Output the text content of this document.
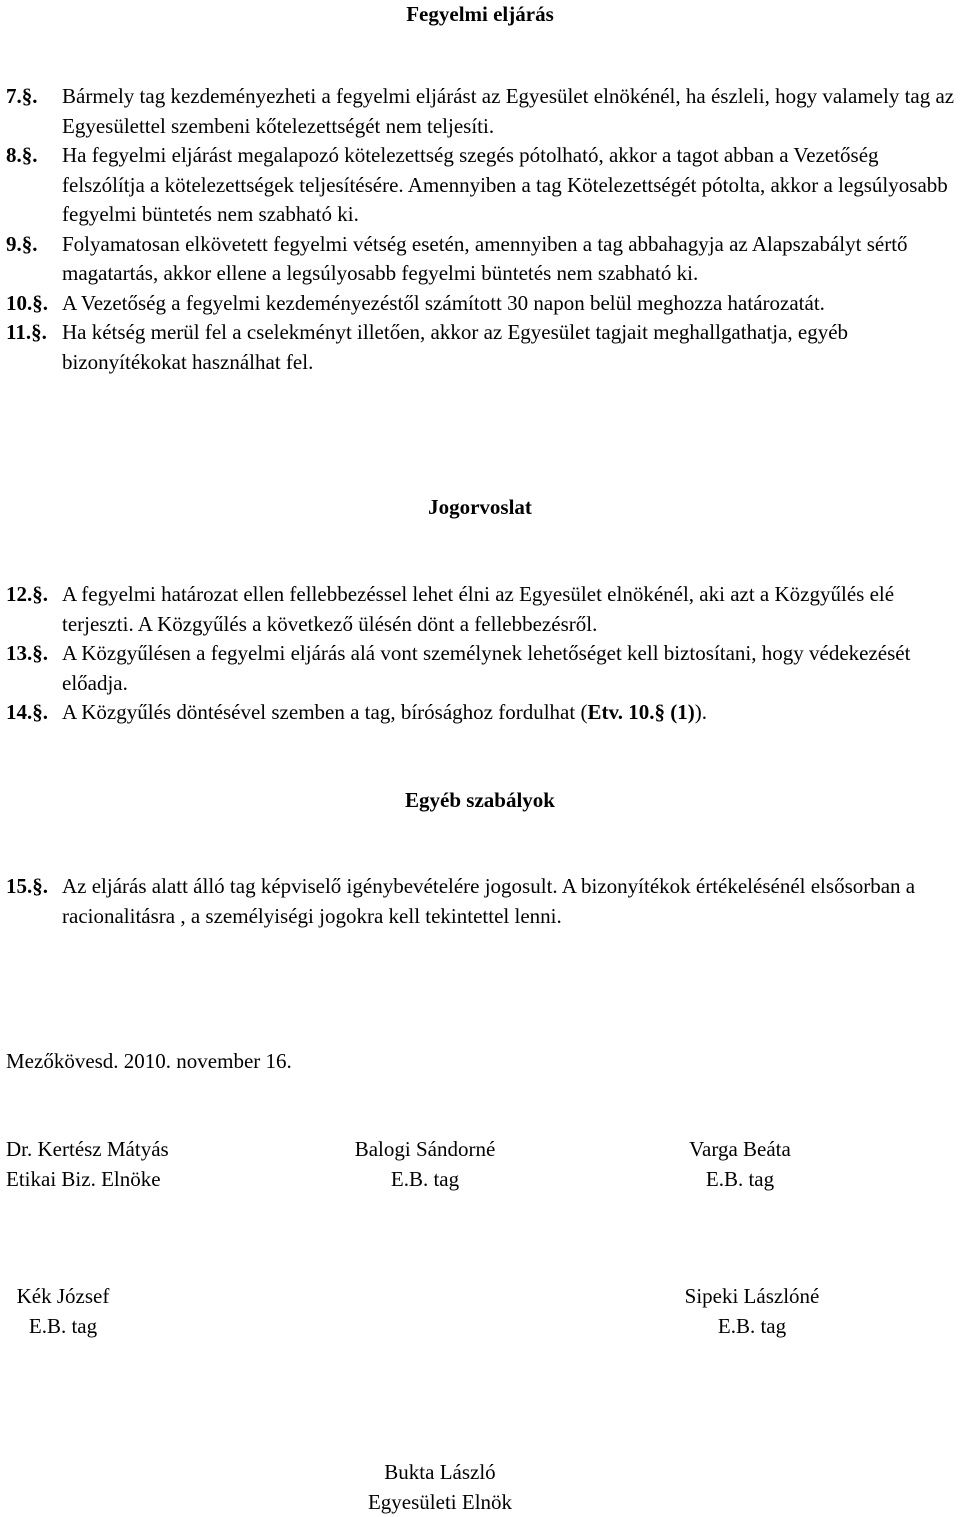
Fegyelmi eljárás
7.§. Bármely tag kezdeményezheti a fegyelmi eljárást az Egyesület elnökénél, ha észleli, hogy valamely tag az Egyesülettel szembeni kőtelezettségét nem teljesíti.
8.§. Ha fegyelmi eljárást megalapozó kötelezettség szegés pótolható, akkor a tagot abban a Vezetőség felszólítja a kötelezettségek teljesítésére. Amennyiben a tag Kötelezettségét pótolta, akkor a legsúlyosabb fegyelmi büntetés nem szabható ki.
9.§. Folyamatosan elkövetett fegyelmi vétség esetén, amennyiben a tag abbahagyja az Alapszabályt sértő magatartás, akkor ellene a legsúlyosabb fegyelmi büntetés nem szabható ki.
10.§. A Vezetőség a fegyelmi kezdeményezéstől számított 30 napon belül meghozza határozatát.
11.§. Ha kétség merül fel a cselekményt illetően, akkor az Egyesület tagjait meghallgathatja, egyéb bizonyítékokat használhat fel.
Jogorvoslat
12.§. A fegyelmi határozat ellen fellebbezéssel lehet élni az Egyesület elnökénél, aki azt a Közgyűlés elé terjeszti. A Közgyűlés a következő ülésén dönt a fellebbezésről.
13.§. A Közgyűlésen a fegyelmi eljárás alá vont személynek lehetőséget kell biztosítani, hogy védekezését előadja.
14.§. A Közgyűlés döntésével szemben a tag, bírósághoz fordulhat (Etv. 10.§ (1)).
Egyéb szabályok
15.§. Az eljárás alatt álló tag képviselő igénybevételére jogosult. A bizonyítékok értékelésénél elsősorban a racionalitásra , a személyiségi jogokra kell tekintettel lenni.
Mezőkövesd. 2010. november 16.
Dr. Kertész Mátyás
Etikai Biz. Elnöke
Balogi Sándorné
E.B. tag
Varga Beáta
E.B. tag
Kék József
E.B. tag
Sipeki Lászlóné
E.B. tag
Bukta László
Egyesületi Elnök
